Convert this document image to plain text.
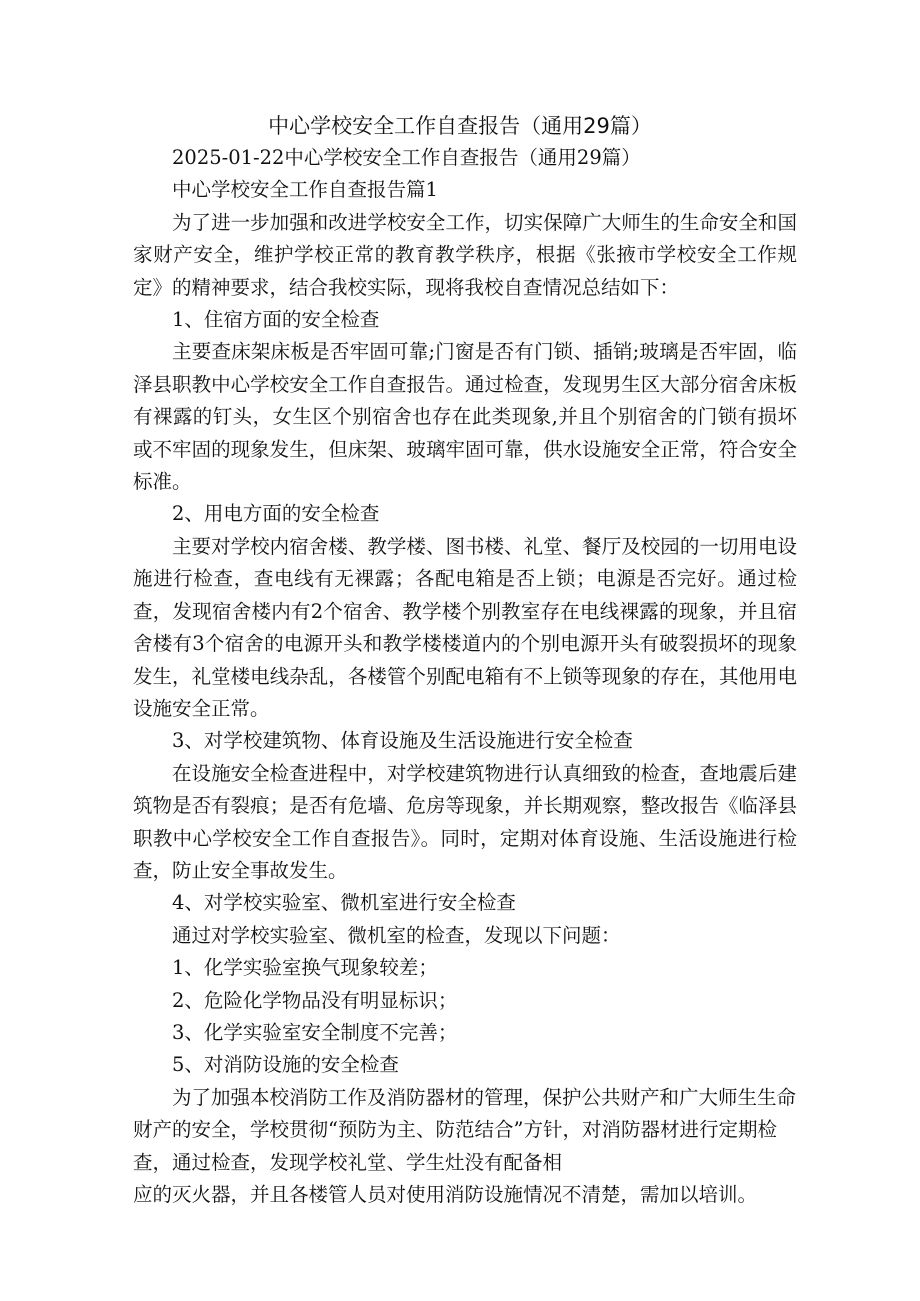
中心学校安全工作自查报告（通用29篇）

2025-01-22中心学校安全工作自查报告（通用29篇）

中心学校安全工作自查报告篇1

为了进一步加强和改进学校安全工作，切实保障广大师生的生命安全和国家财产安全，维护学校正常的教育教学秩序，根据《张掖市学校安全工作规定》的精神要求，结合我校实际，现将我校自查情况总结如下：

1、住宿方面的安全检查

主要查床架床板是否牢固可靠;门窗是否有门锁、插销;玻璃是否牢固，临泽县职教中心学校安全工作自查报告。通过检查，发现男生区大部分宿舍床板有裸露的钉头，女生区个别宿舍也存在此类现象,并且个别宿舍的门锁有损坏或不牢固的现象发生，但床架、玻璃牢固可靠，供水设施安全正常，符合安全标准。

2、用电方面的安全检查

主要对学校内宿舍楼、教学楼、图书楼、礼堂、餐厅及校园的一切用电设施进行检查，查电线有无裸露；各配电箱是否上锁；电源是否完好。通过检查，发现宿舍楼内有2个宿舍、教学楼个别教室存在电线裸露的现象，并且宿舍楼有3个宿舍的电源开头和教学楼楼道内的个别电源开头有破裂损坏的现象发生，礼堂楼电线杂乱，各楼管个别配电箱有不上锁等现象的存在，其他用电设施安全正常。

3、对学校建筑物、体育设施及生活设施进行安全检查

在设施安全检查进程中，对学校建筑物进行认真细致的检查，查地震后建筑物是否有裂痕；是否有危墙、危房等现象，并长期观察，整改报告《临泽县职教中心学校安全工作自查报告》。同时，定期对体育设施、生活设施进行检查，防止安全事故发生。

4、对学校实验室、微机室进行安全检查

通过对学校实验室、微机室的检查，发现以下问题：

1、化学实验室换气现象较差；

2、危险化学物品没有明显标识；

3、化学实验室安全制度不完善；

5、对消防设施的安全检查

为了加强本校消防工作及消防器材的管理，保护公共财产和广大师生生命财产的安全，学校贯彻“预防为主、防范结合”方针，对消防器材进行定期检查，通过检查，发现学校礼堂、学生灶没有配备相

应的灭火器，并且各楼管人员对使用消防设施情况不清楚，需加以培训。
